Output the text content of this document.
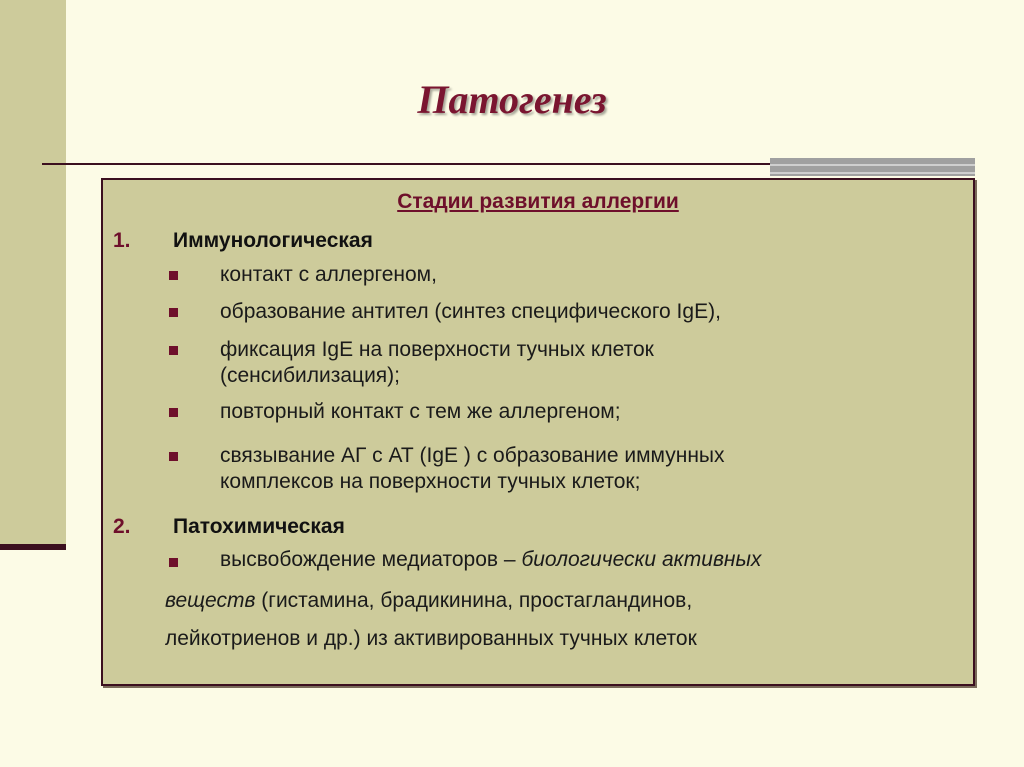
Патогенез
Стадии развития аллергии
1. Иммунологическая
контакт с аллергеном,
образование антител (синтез специфического IgE),
фиксация IgE на поверхности тучных клеток
(сенсибилизация);
повторный контакт с тем же аллергеном;
связывание АГ с АТ (IgE ) с образование иммунных
комплексов на поверхности тучных клеток;
2. Патохимическая
высвобождение медиаторов – биологически активных
веществ (гистамина, брадикинина, простагландинов,
лейкотриенов и др.) из активированных тучных клеток
